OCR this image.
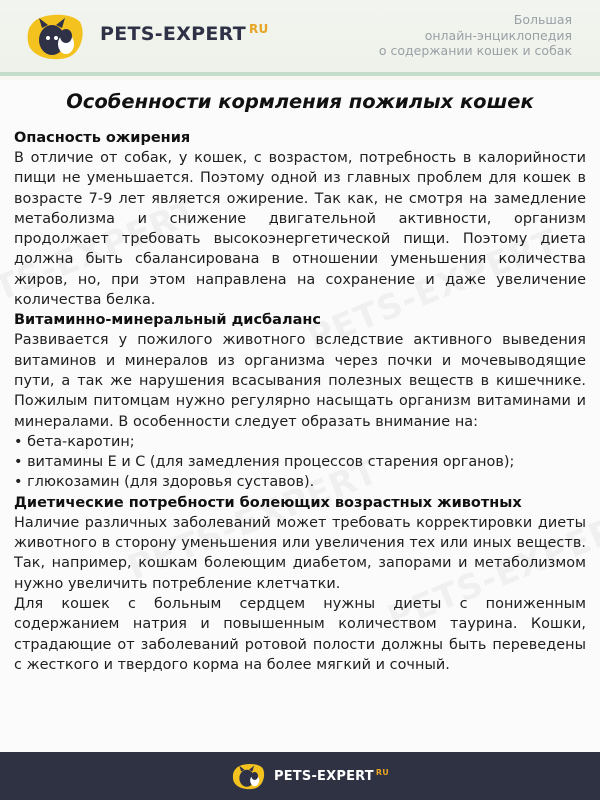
PETS-EXPERT $^{RU}$
Большая
онлайн-энциклопедия
о содержании кошек и собак
Особенности кормления пожилых кошек
Опасность ожирения

В отличие от собак, у кошек, с возрастом, потребность в калорийности пищи не уменьшается. Поэтому одной из главных проблем для кошек в возрасте 7-9 лет является ожирение. Так как, не смотря на замедление метаболизма и снижение двигательной активности, организм продолжает требовать высокоэнергетической пищи. Поэтому диета должна быть сбалансирована в отношении уменьшения количества жиров, но, при этом направлена на сохранение и даже увеличение количества белка.

Витаминно-минеральный дисбаланс

Развивается у пожилого животного вследствие активного выведения витаминов и минералов из организма через почки и мочевыводящие пути, а так же нарушения всасывания полезных веществ в кишечнике. Пожилым питомцам нужно регулярно насыщать организм витаминами и минералами. В особенности следует образать внимание на:

• бета-каротин;
• витамины Е и С (для замедления процессов старения органов);
• глюкозамин (для здоровья суставов).
Диетические потребности болеющих возрастных животных

Наличие различных заболеваний может требовать корректировки диеты животного в сторону уменьшения или увеличения тех или иных веществ. Так, например, кошкам болеющим диабетом, запорами и метаболизмом нужно увеличить потребление клетчатки.

Для кошек с больным сердцем нужны диеты с пониженным содержанием натрия и повышенным количеством таурина. Кошки, страдающие от заболеваний ротовой полости должны быть переведены с жесткого и твердого корма на более мягкий и сочный.

PETS-EXPERT $^{RU}$
